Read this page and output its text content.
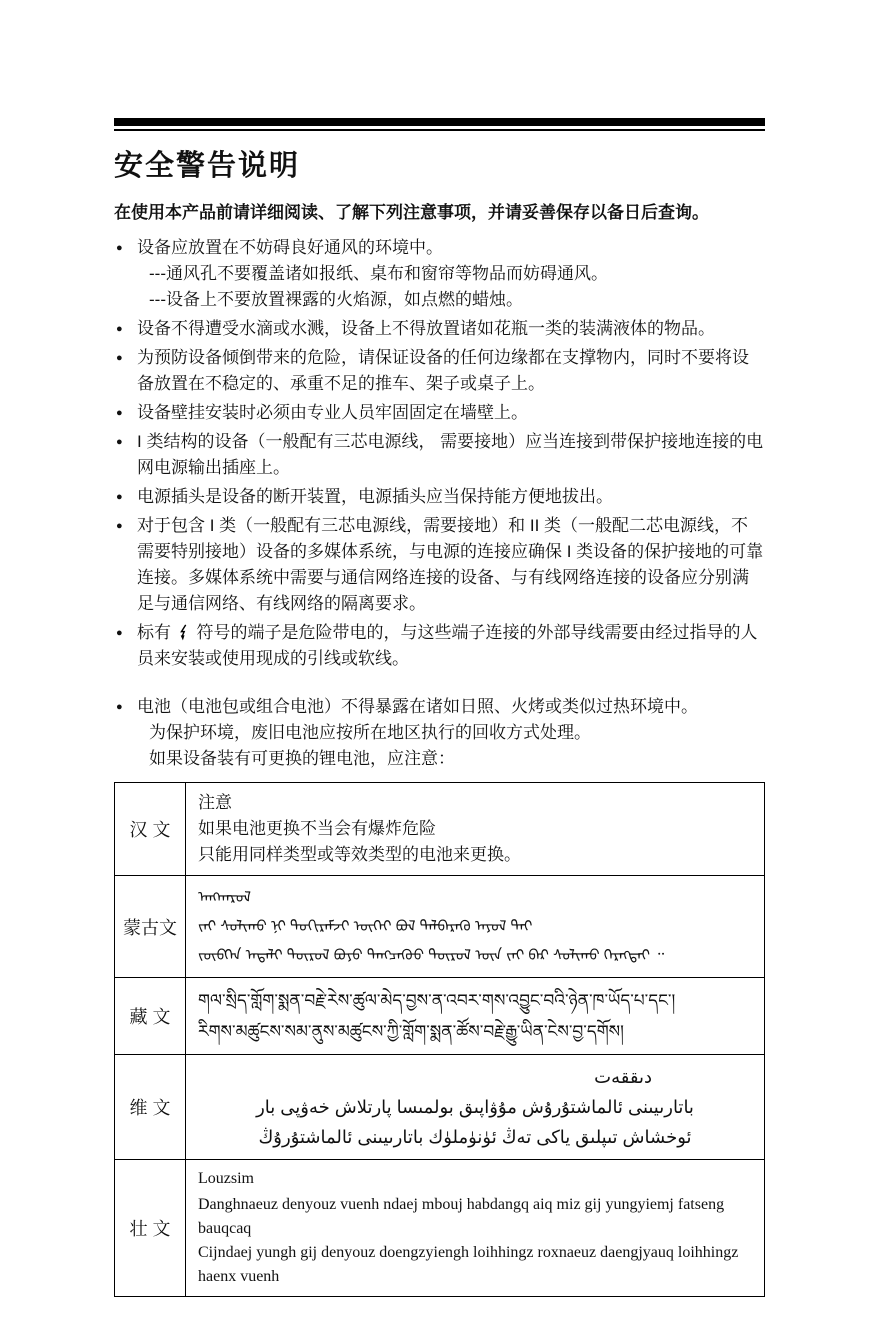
安全警告说明

在使用本产品前请详细阅读、了解下列注意事项，并请妥善保存以备日后查询。

● 设备应放置在不妨碍良好通风的环境中。
---通风孔不要覆盖诸如报纸、桌布和窗帘等物品而妨碍通风。
---设备上不要放置裸露的火焰源，如点燃的蜡烛。
● 设备不得遭受水滴或水溅，设备上不得放置诸如花瓶一类的装满液体的物品。
● 为预防设备倾倒带来的危险，请保证设备的任何边缘都在支撑物内，同时不要将设备放置在不稳定的、承重不足的推车、架子或桌子上。
● 设备壁挂安装时必须由专业人员牢固固定在墙壁上。
● I 类结构的设备（一般配有三芯电源线， 需要接地）应当连接到带保护接地连接的电网电源输出插座上。
● 电源插头是设备的断开装置，电源插头应当保持能方便地拔出。
● 对于包含 I 类（一般配有三芯电源线，需要接地）和 II 类（一般配二芯电源线，不需要特别接地）设备的多媒体系统，与电源的连接应确保 I 类设备的保护接地的可靠连接。多媒体系统中需要与通信网络连接的设备、与有线网络连接的设备应分别满足与通信网络、有线网络的隔离要求。
● 标有  符号的端子是危险带电的，与这些端子连接的外部导线需要由经过指导的人员来安装或使用现成的引线或软线。
● 电池（电池包或组合电池）不得暴露在诸如日照、火烤或类似过热环境中。
为保护环境，废旧电池应按所在地区执行的回收方式处理。
如果设备装有可更换的锂电池，应注意：
汉 文	注意
如果电池更换不当会有爆炸危险
只能用同样类型或等效类型的电池来更换。

蒙古文	ᠠᠩᠬᠠᠷᠤᠯ
ᠵᠠᠢ ᠰᠣᠯᠢᠬᠤ ᠨᠢ ᠲᠣᠬᠢᠷᠠᠮᠵᠢ ᠦᠭᠡᠢ ᠪᠣᠯ ᠳᠡᠯᠪᠡᠷᠡᠬᠦ ᠠᠶᠤᠯ ᠲᠠᠢ
ᠵᠥᠪᠬᠡᠨ ᠠᠳᠠᠯᠢ ᠲᠥᠷᠥᠯ ᠪᠤᠶᠤ ᠲᠡᠩᠴᠡᠭᠦᠦ ᠲᠥᠷᠥᠯ ᠦᠨ ᠵᠠᠢ ᠪᠠᠷ ᠰᠣᠯᠢᠬᠤ ᠬᠡᠷᠡᠭᠲᠡᠢ ᠃

藏 文	གལ་སྲིད་གློག་སྨན་བརྗེ་རེས་ཚུལ་མེད་བྱས་ན་འབར་གས་འབྱུང་བའི་ཉེན་ཁ་ཡོད་པ་དང་།
རིགས་མཚུངས་སམ་ནུས་མཚུངས་ཀྱི་གློག་སྨན་ཚོས་བརྗེ་རྒྱུ་ཡིན་ངེས་བྱ་དགོས།

维 文	دىققەت
باتارىيىنى ئالماشتۇرۇش مۇۋاپىق بولمىسا پارتلاش خەۋپى بار
ئوخشاش تىپلىق ياكى تەڭ ئۈنۈملۈك باتارىيىنى ئالماشتۇرۇڭ

壮 文	Louzsim
Danghnaeuz denyouz vuenh ndaej mbouj habdangq aiq miz gij yungyiemj fatseng bauqcaq
Cijndaej yungh gij denyouz doengzyiengh loihhingz roxnaeuz daengjyauq loihhingz haenx vuenh
